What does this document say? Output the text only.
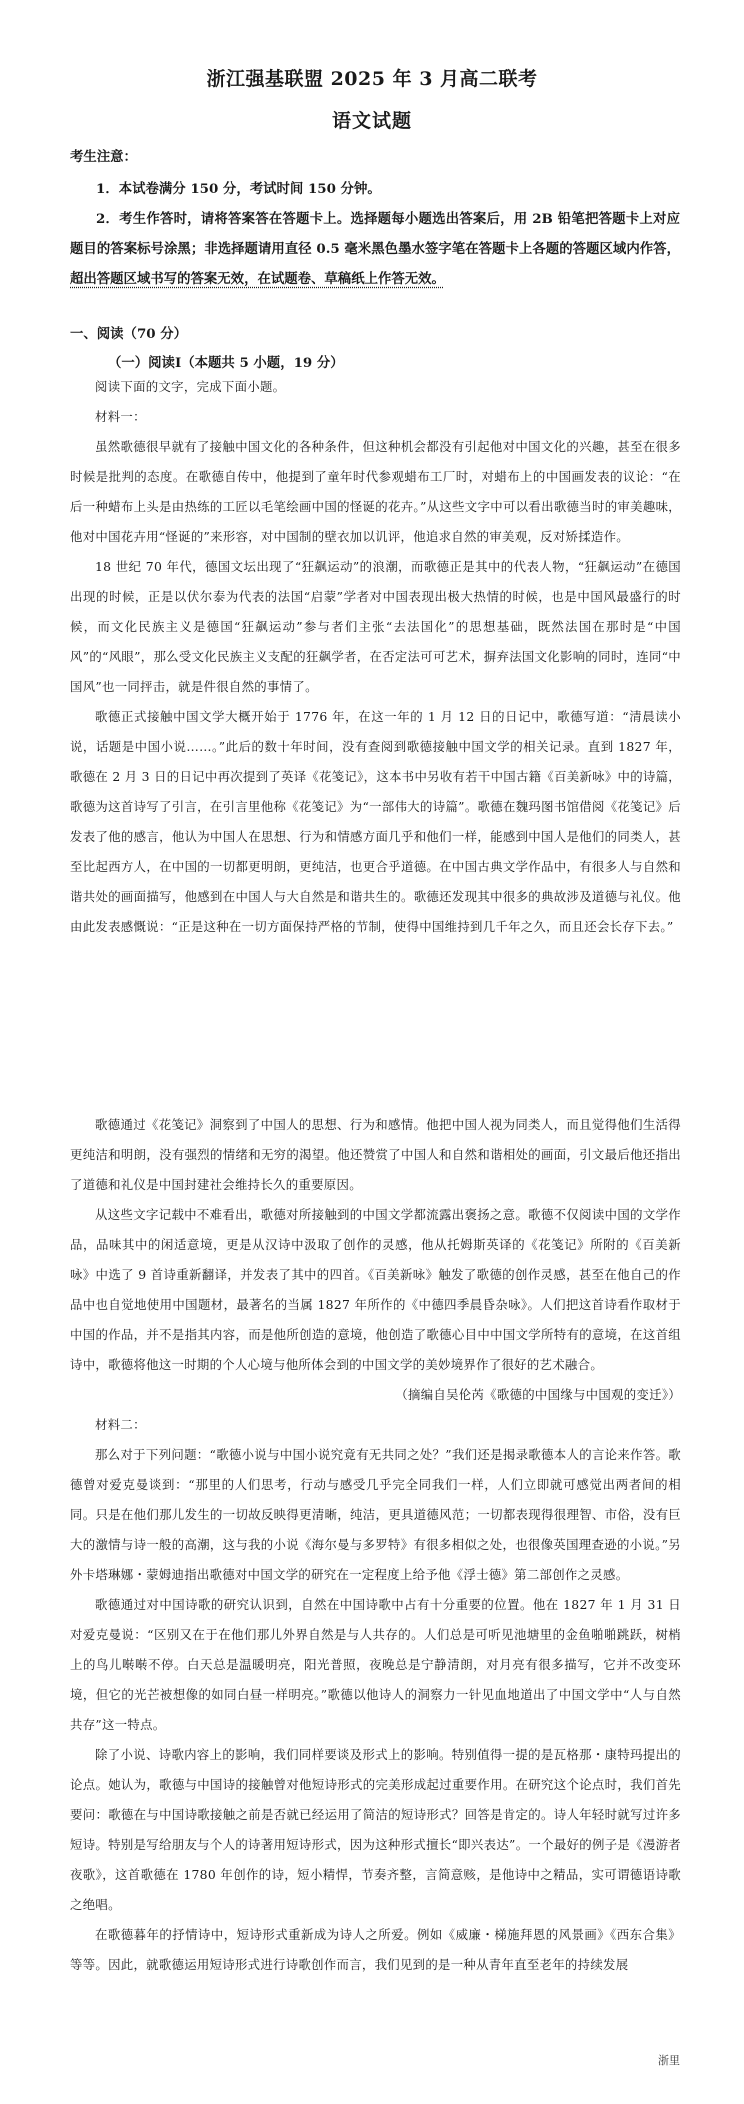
浙江强基联盟 2025 年 3 月高二联考
语文试题
考生注意：
1．本试卷满分 150 分，考试时间 150 分钟。
2．考生作答时，请将答案答在答题卡上。选择题每小题选出答案后，用 2B 铅笔把答题卡上对应题目的答案标号涂黑；非选择题请用直径 0.5 毫米黑色墨水签字笔在答题卡上各题的答题区域内作答，超出答题区域书写的答案无效，在试题卷、草稿纸上作答无效。
一、阅读（70 分）
（一）阅读Ⅰ（本题共 5 小题，19 分）

阅读下面的文字，完成下面小题。

材料一：

虽然歌德很早就有了接触中国文化的各种条件，但这种机会都没有引起他对中国文化的兴趣，甚至在很多时候是批判的态度。在歌德自传中，他提到了童年时代参观蜡布工厂时，对蜡布上的中国画发表的议论：“在后一种蜡布上头是由热练的工匠以毛笔绘画中国的怪诞的花卉。”从这些文字中可以看出歌德当时的审美趣味，他对中国花卉用“怪诞的”来形容，对中国制的壁衣加以讥评，他追求自然的审美观，反对矫揉造作。

18 世纪 70 年代，德国文坛出现了“狂飙运动”的浪潮，而歌德正是其中的代表人物，“狂飙运动”在德国出现的时候，正是以伏尔泰为代表的法国“启蒙”学者对中国表现出极大热情的时候，也是中国风最盛行的时候，而文化民族主义是德国“狂飙运动”参与者们主张“去法国化”的思想基础，既然法国在那时是“中国风”的“风眼”，那么受文化民族主义支配的狂飙学者，在否定法可可艺术，摒弃法国文化影响的同时，连同“中国风”也一同抨击，就是件很自然的事情了。

歌德正式接触中国文学大概开始于 1776 年，在这一年的 1 月 12 日的日记中，歌德写道：“清晨读小说，话题是中国小说……。”此后的数十年时间，没有查阅到歌德接触中国文学的相关记录。直到 1827 年，歌德在 2 月 3 日的日记中再次提到了英译《花笺记》，这本书中另收有若干中国古籍《百美新咏》中的诗篇，歌德为这首诗写了引言，在引言里他称《花笺记》为“一部伟大的诗篇”。歌德在魏玛图书馆借阅《花笺记》后发表了他的感言，他认为中国人在思想、行为和情感方面几乎和他们一样，能感到中国人是他们的同类人，甚至比起西方人，在中国的一切都更明朗，更纯洁，也更合乎道德。在中国古典文学作品中，有很多人与自然和谐共处的画面描写，他感到在中国人与大自然是和谐共生的。歌德还发现其中很多的典故涉及道德与礼仪。他由此发表感慨说：“正是这种在一切方面保持严格的节制，使得中国维持到几千年之久，而且还会长存下去。”

歌德通过《花笺记》洞察到了中国人的思想、行为和感情。他把中国人视为同类人，而且觉得他们生活得更纯洁和明朗，没有强烈的情绪和无穷的渴望。他还赞赏了中国人和自然和谐相处的画面，引文最后他还指出了道德和礼仪是中国封建社会维持长久的重要原因。

从这些文字记载中不难看出，歌德对所接触到的中国文学都流露出褒扬之意。歌德不仅阅读中国的文学作品，品味其中的闲适意境，更是从汉诗中汲取了创作的灵感，他从托姆斯英译的《花笺记》所附的《百美新咏》中选了 9 首诗重新翻译，并发表了其中的四首。《百美新咏》触发了歌德的创作灵感，甚至在他自己的作品中也自觉地使用中国题材，最著名的当属 1827 年所作的《中德四季晨昏杂咏》。人们把这首诗看作取材于中国的作品，并不是指其内容，而是他所创造的意境，他创造了歌德心目中中国文学所特有的意境，在这首组诗中，歌德将他这一时期的个人心境与他所体会到的中国文学的美妙境界作了很好的艺术融合。

（摘编自吴伦芮《歌德的中国缘与中国观的变迁》）

材料二：

那么对于下列问题：“歌德小说与中国小说究竟有无共同之处？”我们还是揭录歌德本人的言论来作答。歌德曾对爱克曼谈到：“那里的人们思考，行动与感受几乎完全同我们一样，人们立即就可感觉出两者间的相同。只是在他们那儿发生的一切故反映得更清晰，纯洁，更具道德风范；一切都表现得很理智、市俗，没有巨大的激情与诗一般的高潮，这与我的小说《海尔曼与多罗特》有很多相似之处，也很像英国理查逊的小说。”另外卡塔琳娜・蒙姆迪指出歌德对中国文学的研究在一定程度上给予他《浮士德》第二部创作之灵感。

歌德通过对中国诗歌的研究认识到，自然在中国诗歌中占有十分重要的位置。他在 1827 年 1 月 31 日对爱克曼说：“区别又在于在他们那儿外界自然是与人共存的。人们总是可听见池塘里的金鱼啪啪跳跃，树梢上的鸟儿啭啭不停。白天总是温暖明亮，阳光普照，夜晚总是宁静清朗，对月亮有很多描写，它并不改变环境，但它的光芒被想像的如同白昼一样明亮。”歌德以他诗人的洞察力一针见血地道出了中国文学中“人与自然共存”这一特点。

除了小说、诗歌内容上的影响，我们同样要谈及形式上的影响。特别值得一提的是瓦格那・康特玛提出的论点。她认为，歌德与中国诗的接触曾对他短诗形式的完美形成起过重要作用。在研究这个论点时，我们首先要问：歌德在与中国诗歌接触之前是否就已经运用了简洁的短诗形式？回答是肯定的。诗人年轻时就写过许多短诗。特别是写给朋友与个人的诗著用短诗形式，因为这种形式擅长“即兴表达”。一个最好的例子是《漫游者夜歌》，这首歌德在 1780 年创作的诗，短小精悍，节奏齐整，言简意赅，是他诗中之精品，实可谓德语诗歌之绝唱。

在歌德暮年的抒情诗中，短诗形式重新成为诗人之所爱。例如《威廉・梯施拜恩的风景画》《西东合集》等等。因此，就歌德运用短诗形式进行诗歌创作而言，我们见到的是一种从青年直至老年的持续发展

浙里
